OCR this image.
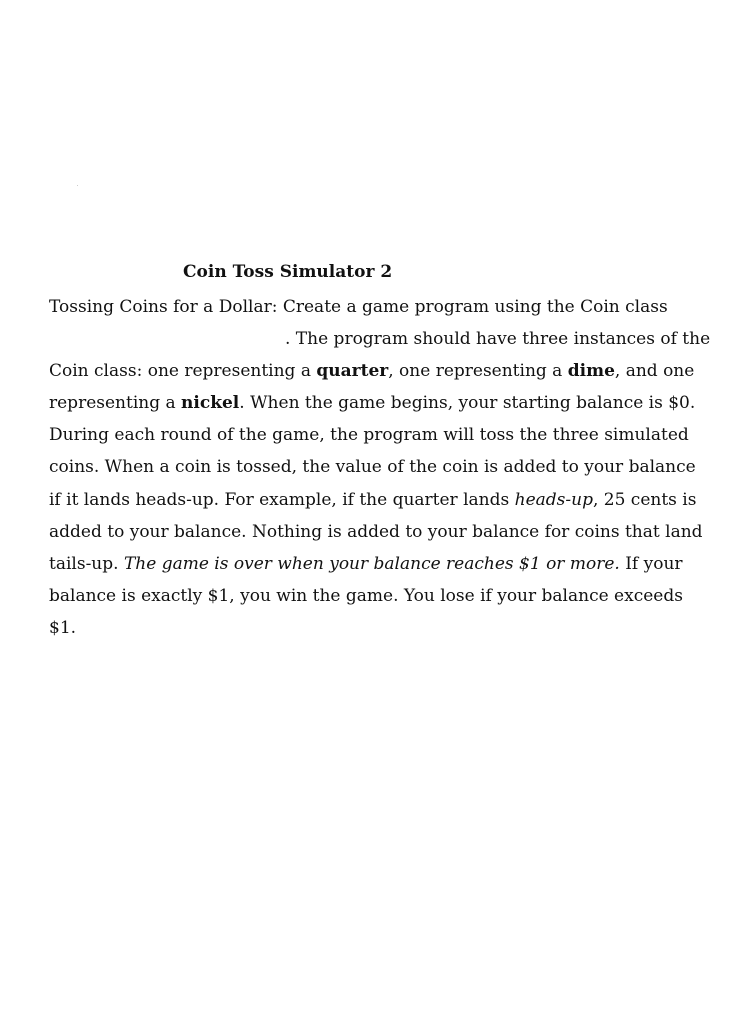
Coin Toss Simulator 2
Tossing Coins for a Dollar: Create a game program using the Coin class
. The program should have three instances of the
Coin class: one representing a quarter, one representing a dime, and one
representing a nickel. When the game begins, your starting balance is $0.
During each round of the game, the program will toss the three simulated
coins. When a coin is tossed, the value of the coin is added to your balance
if it lands heads-up. For example, if the quarter lands heads-up, 25 cents is
added to your balance. Nothing is added to your balance for coins that land
tails-up. The game is over when your balance reaches $1 or more. If your
balance is exactly $1, you win the game. You lose if your balance exceeds
$1.
